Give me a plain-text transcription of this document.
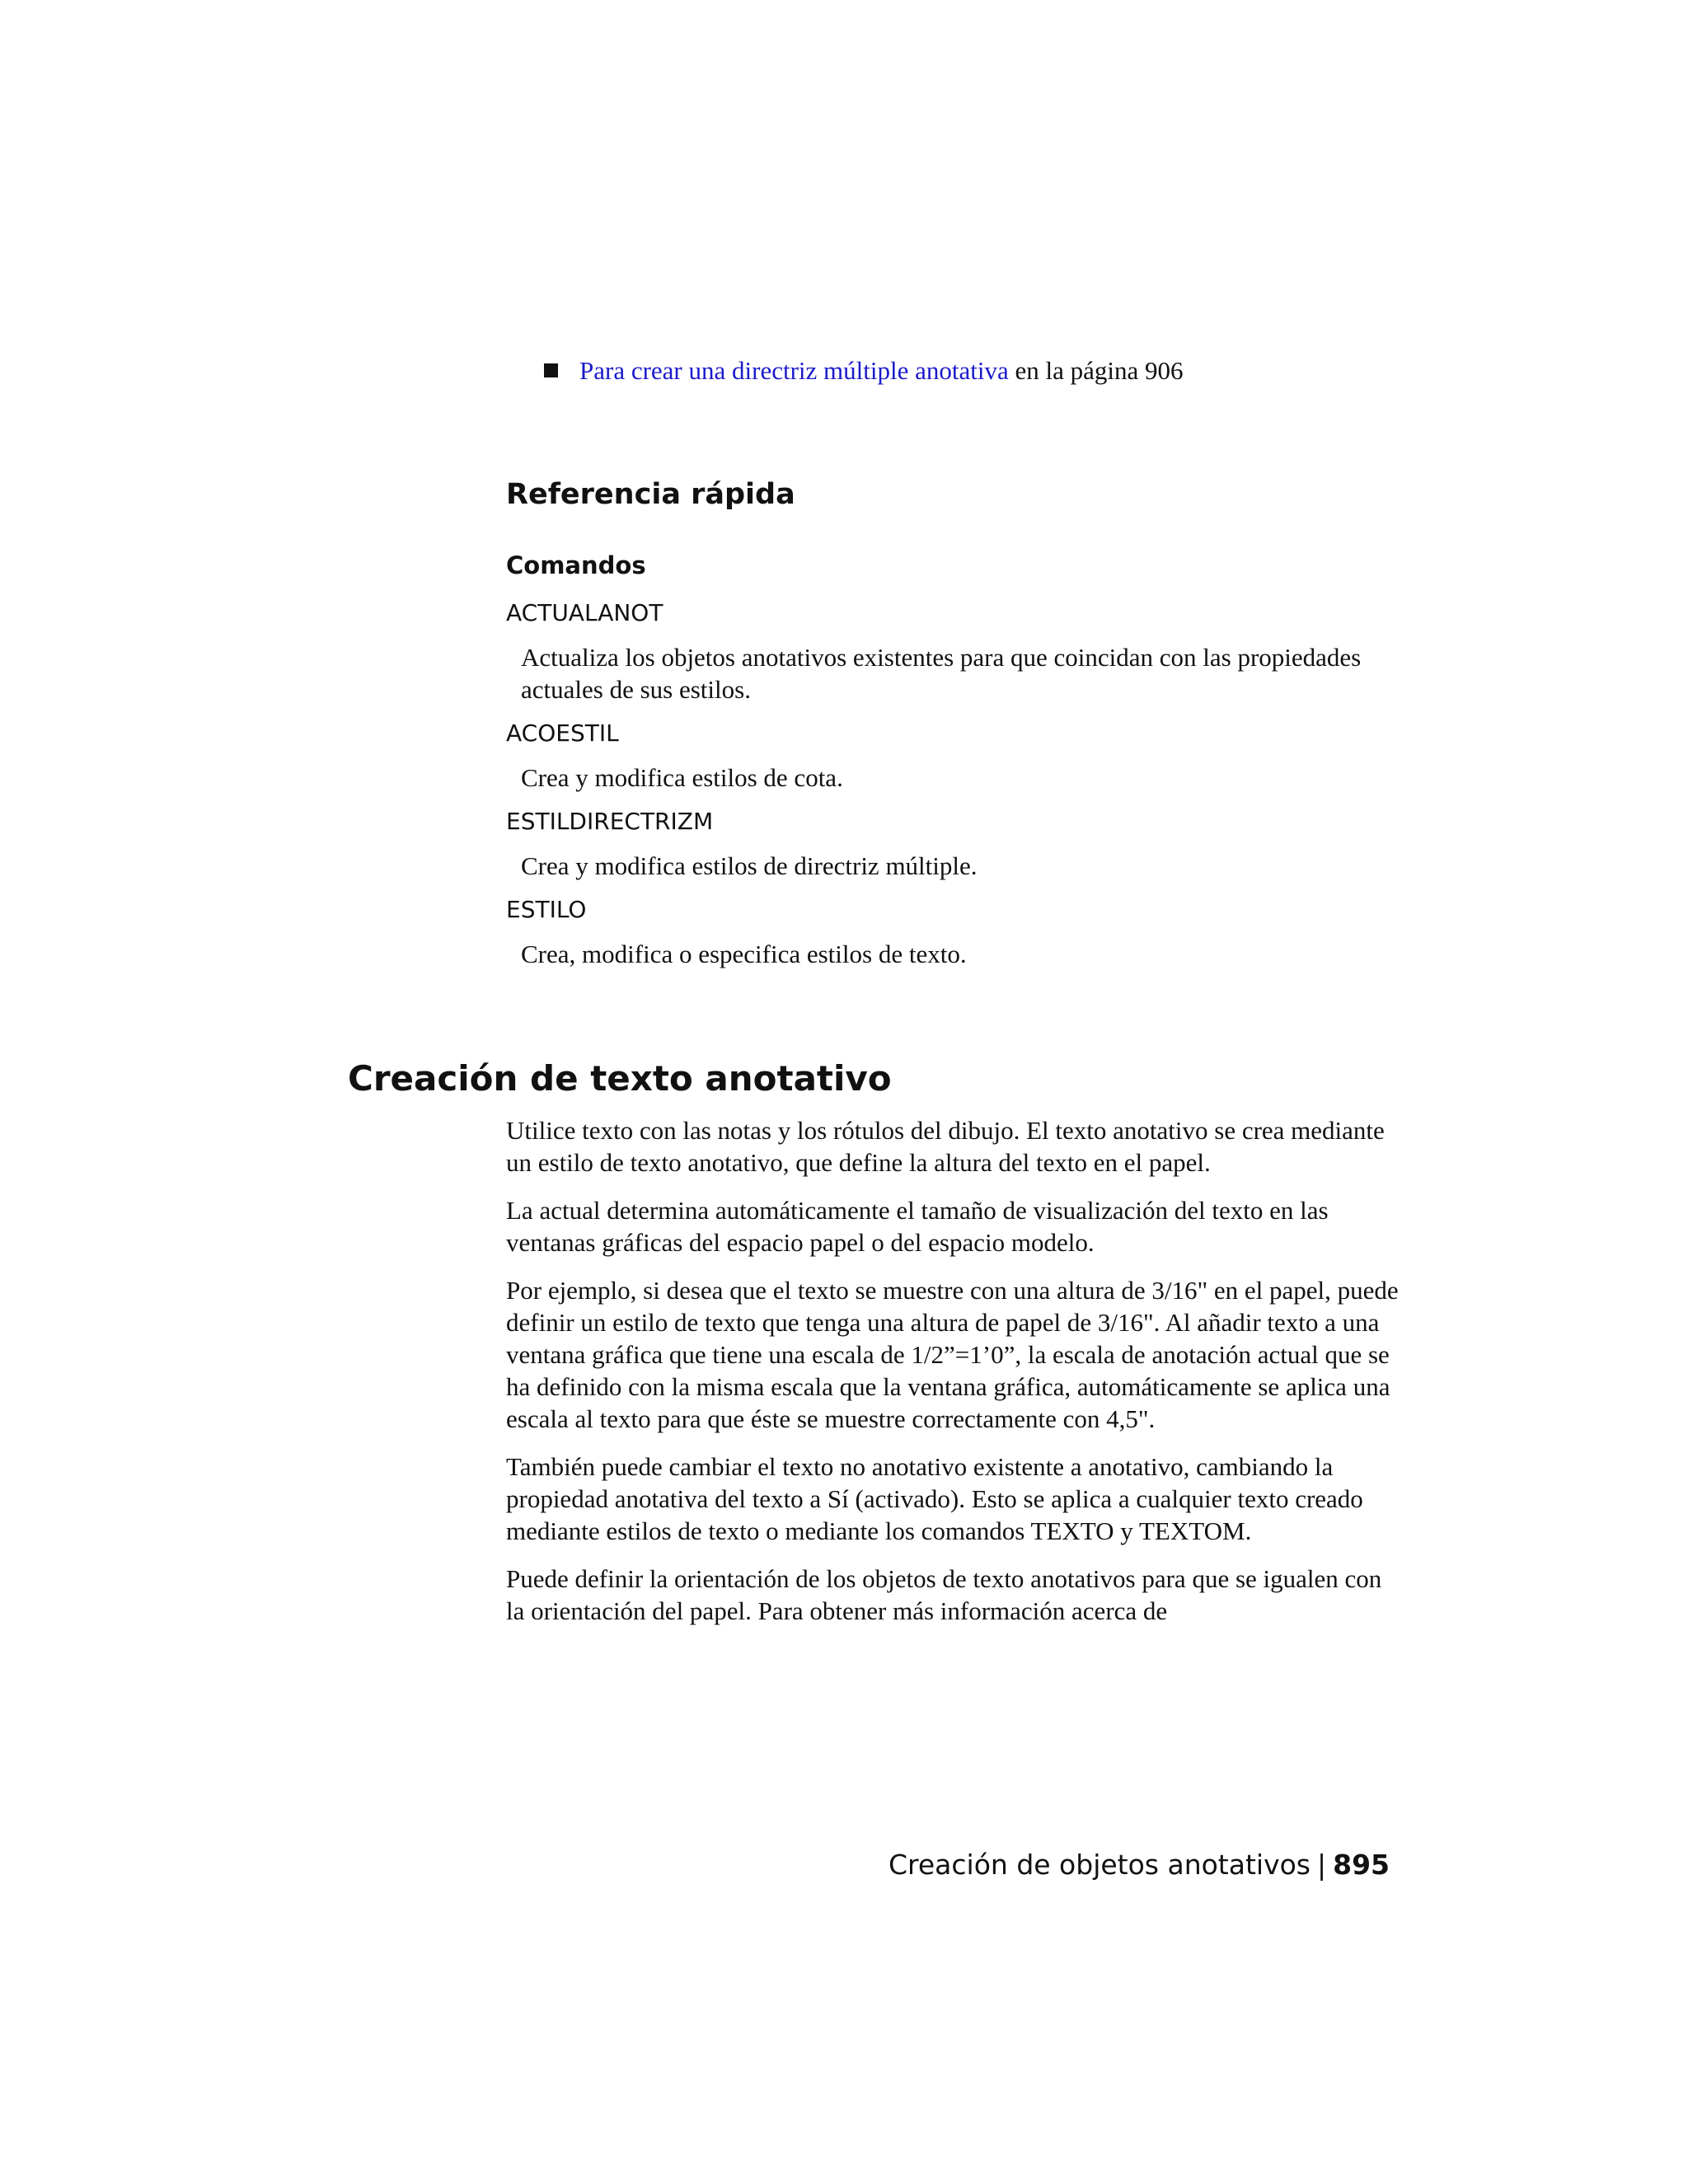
Para crear una directriz múltiple anotativa en la página 906
Referencia rápida
Comandos
ACTUALANOT
Actualiza los objetos anotativos existentes para que coincidan con las propiedades actuales de sus estilos.
ACOESTIL
Crea y modifica estilos de cota.
ESTILDIRECTRIZM
Crea y modifica estilos de directriz múltiple.
ESTILO
Crea, modifica o especifica estilos de texto.
Creación de texto anotativo

Utilice texto con las notas y los rótulos del dibujo. El texto anotativo se crea mediante un estilo de texto anotativo, que define la altura del texto en el papel.

La actual determina automáticamente el tamaño de visualización del texto en las ventanas gráficas del espacio papel o del espacio modelo.

Por ejemplo, si desea que el texto se muestre con una altura de 3/16" en el papel, puede definir un estilo de texto que tenga una altura de papel de 3/16". Al añadir texto a una ventana gráfica que tiene una escala de 1/2”=1’0”, la escala de anotación actual que se ha definido con la misma escala que la ventana gráfica, automáticamente se aplica una escala al texto para que éste se muestre correctamente con 4,5".

También puede cambiar el texto no anotativo existente a anotativo, cambiando la propiedad anotativa del texto a Sí (activado). Esto se aplica a cualquier texto creado mediante estilos de texto o mediante los comandos TEXTO y TEXTOM.

Puede definir la orientación de los objetos de texto anotativos para que se igualen con la orientación del papel. Para obtener más información acerca de

Creación de objetos anotativos | 895
